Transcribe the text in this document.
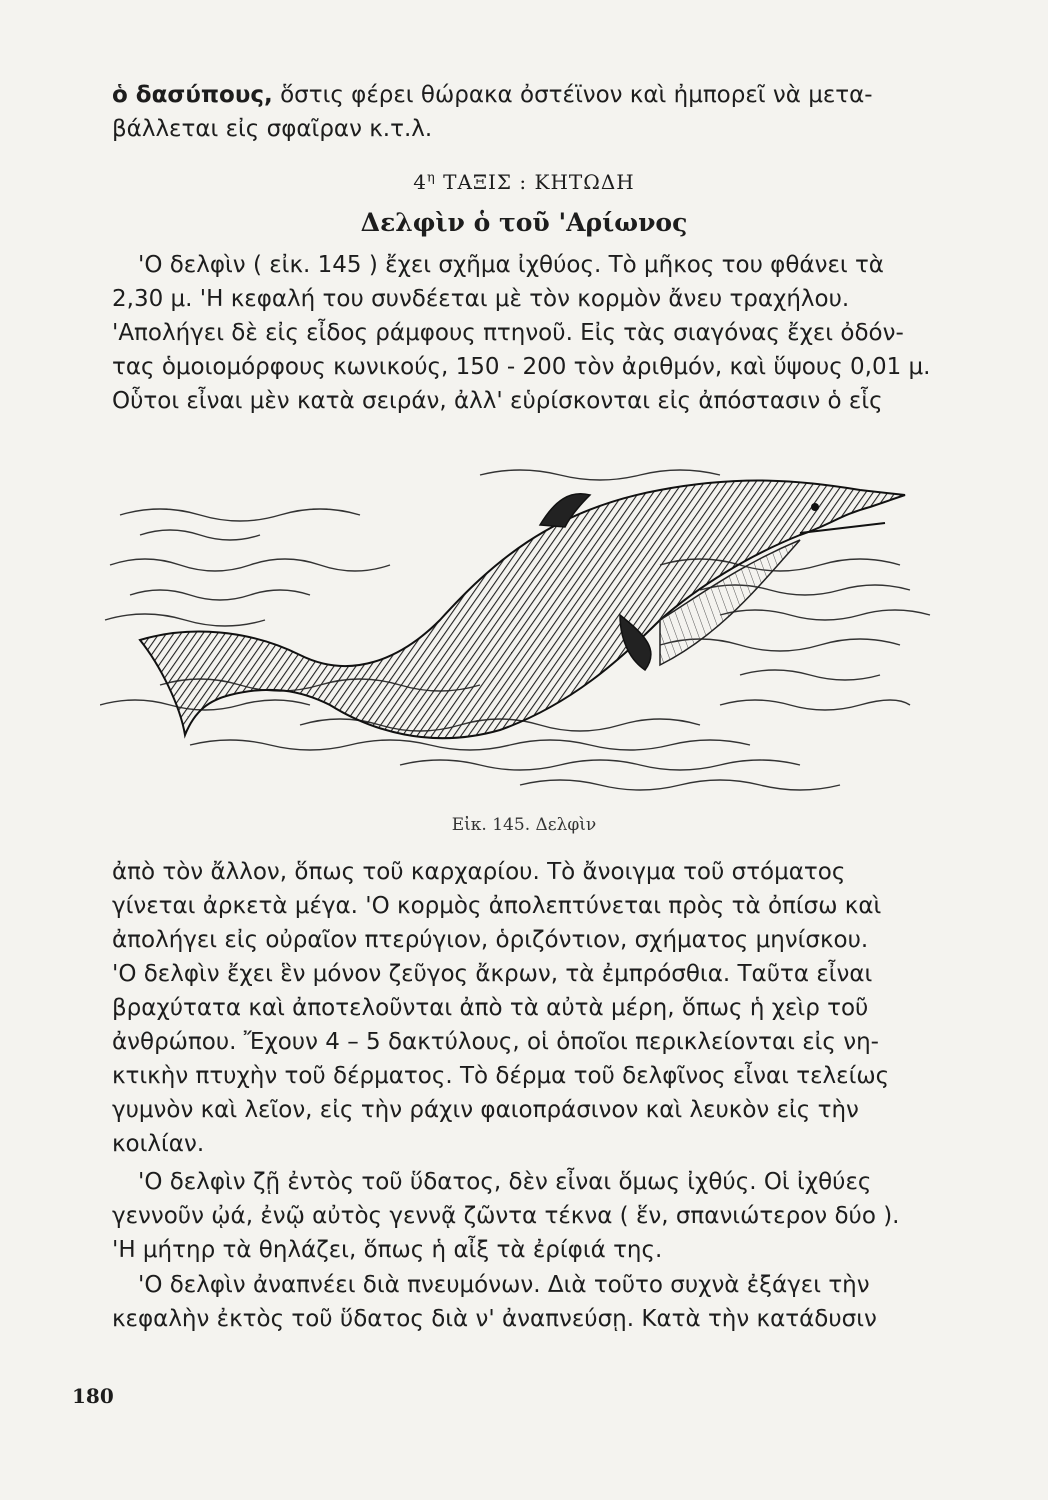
ὁ δασύπους, ὅστις φέρει θώρακα ὀστέϊνον καὶ ἠμπορεῖ νὰ μετα-
βάλλεται εἰς σφαῖραν κ.τ.λ.
$4^\eta$ ΤΑΞΙΣ : ΚΗΤΩΔΗ
Δελφὶν ὁ τοῦ 'Αρίωνος
'Ο δελφὶν ( εἰκ. 145 ) ἔχει σχῆμα ἰχθύος. Τὸ μῆκος του φθάνει τὰ
2,30 μ. 'Η κεφαλή του συνδέεται μὲ τὸν κορμὸν ἄνευ τραχήλου.
'Απολήγει δὲ εἰς εἶδος ράμφους πτηνοῦ. Εἰς τὰς σιαγόνας ἔχει ὀδόν-
τας ὁμοιομόρφους κωνικούς, 150 - 200 τὸν ἀριθμόν, καὶ ὕψους 0,01 μ.
Οὗτοι εἶναι μὲν κατὰ σειράν, ἀλλ' εὑρίσκονται εἰς ἀπόστασιν ὁ εἷς
Εἰκ. 145. Δελφὶν
ἀπὸ τὸν ἄλλον, ὅπως τοῦ καρχαρίου. Τὸ ἄνοιγμα τοῦ στόματος
γίνεται ἀρκετὰ μέγα. 'Ο κορμὸς ἀπολεπτύνεται πρὸς τὰ ὀπίσω καὶ
ἀπολήγει εἰς οὐραῖον πτερύγιον, ὁριζόντιον, σχήματος μηνίσκου.
'Ο δελφὶν ἔχει ἓν μόνον ζεῦγος ἄκρων, τὰ ἐμπρόσθια. Ταῦτα εἶναι
βραχύτατα καὶ ἀποτελοῦνται ἀπὸ τὰ αὐτὰ μέρη, ὅπως ἡ χεὶρ τοῦ
ἀνθρώπου. Ἔχουν 4 – 5 δακτύλους, οἱ ὁποῖοι περικλείονται εἰς νη-
κτικὴν πτυχὴν τοῦ δέρματος. Τὸ δέρμα τοῦ δελφῖνος εἶναι τελείως
γυμνὸν καὶ λεῖον, εἰς τὴν ράχιν φαιοπράσινον καὶ λευκὸν εἰς τὴν
κοιλίαν.
'Ο δελφὶν ζῇ ἐντὸς τοῦ ὕδατος, δὲν εἶναι ὅμως ἰχθύς. Οἱ ἰχθύες
γεννοῦν ᾠά, ἐνῷ αὐτὸς γεννᾷ ζῶντα τέκνα ( ἕν, σπανιώτερον δύο ).
'Η μήτηρ τὰ θηλάζει, ὅπως ἡ αἶξ τὰ ἐρίφιά της.
'Ο δελφὶν ἀναπνέει διὰ πνευμόνων. Διὰ τοῦτο συχνὰ ἐξάγει τὴν
κεφαλὴν ἐκτὸς τοῦ ὕδατος διὰ ν' ἀναπνεύσῃ. Κατὰ τὴν κατάδυσιν
180
